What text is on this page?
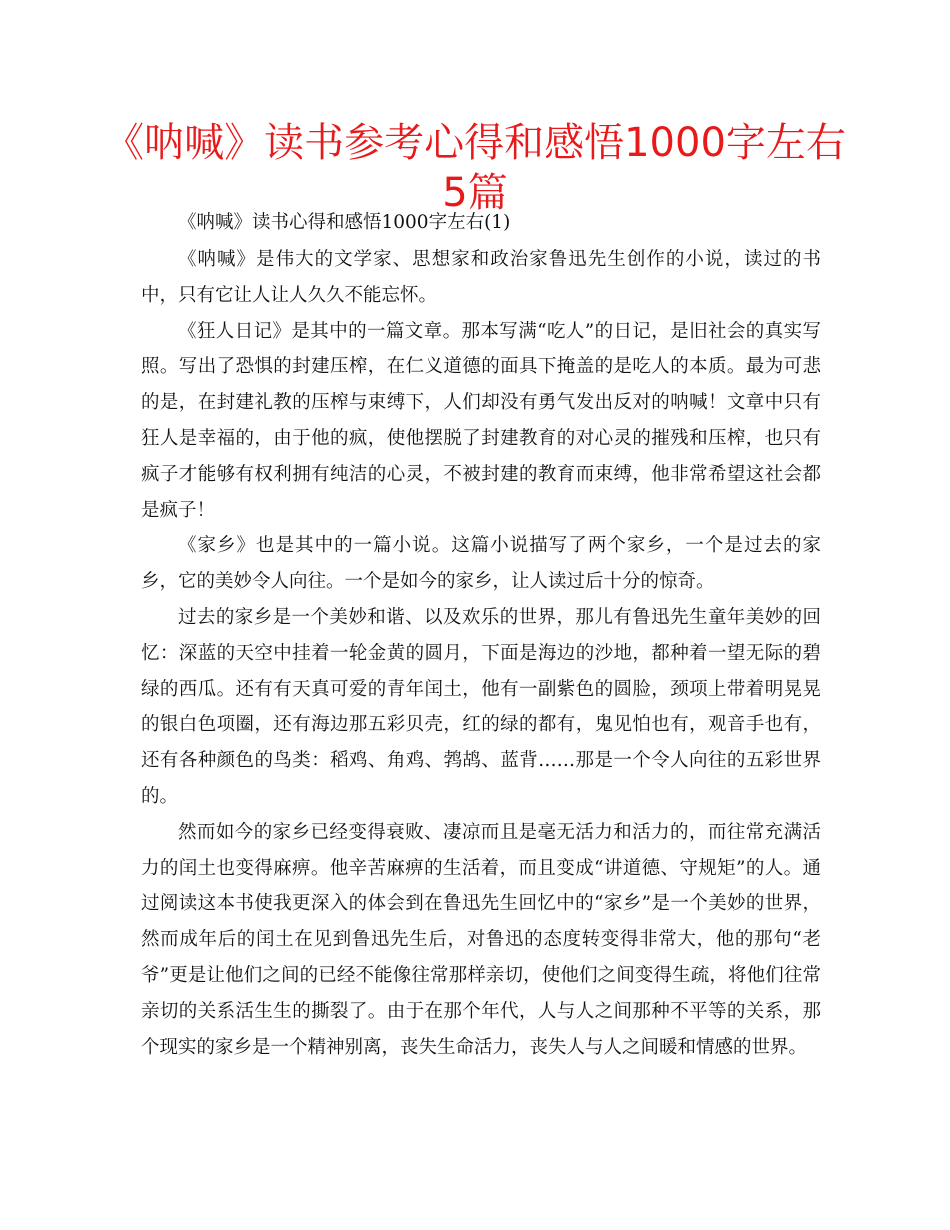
《呐喊》读书参考心得和感悟1000字左右5篇

《呐喊》读书心得和感悟1000字左右(1)

《呐喊》是伟大的文学家、思想家和政治家鲁迅先生创作的小说，读过的书中，只有它让人让人久久不能忘怀。

《狂人日记》是其中的一篇文章。那本写满“吃人”的日记，是旧社会的真实写照。写出了恐惧的封建压榨，在仁义道德的面具下掩盖的是吃人的本质。最为可悲的是，在封建礼教的压榨与束缚下，人们却没有勇气发出反对的呐喊！文章中只有狂人是幸福的，由于他的疯，使他摆脱了封建教育的对心灵的摧残和压榨，也只有疯子才能够有权利拥有纯洁的心灵，不被封建的教育而束缚，他非常希望这社会都是疯子！

《家乡》也是其中的一篇小说。这篇小说描写了两个家乡，一个是过去的家乡，它的美妙令人向往。一个是如今的家乡，让人读过后十分的惊奇。

过去的家乡是一个美妙和谐、以及欢乐的世界，那儿有鲁迅先生童年美妙的回忆：深蓝的天空中挂着一轮金黄的圆月，下面是海边的沙地，都种着一望无际的碧绿的西瓜。还有有天真可爱的青年闰土，他有一副紫色的圆脸，颈项上带着明晃晃的银白色项圈，还有海边那五彩贝壳，红的绿的都有，鬼见怕也有，观音手也有，还有各种颜色的鸟类：稻鸡、角鸡、鹁鸪、蓝背……那是一个令人向往的五彩世界的。

然而如今的家乡已经变得衰败、凄凉而且是毫无活力和活力的，而往常充满活力的闰土也变得麻痹。他辛苦麻痹的生活着，而且变成“讲道德、守规矩”的人。通过阅读这本书使我更深入的体会到在鲁迅先生回忆中的“家乡”是一个美妙的世界，然而成年后的闰土在见到鲁迅先生后，对鲁迅的态度转变得非常大，他的那句“老爷”更是让他们之间的已经不能像往常那样亲切，使他们之间变得生疏，将他们往常亲切的关系活生生的撕裂了。由于在那个年代，人与人之间那种不平等的关系，那个现实的家乡是一个精神别离，丧失生命活力，丧失人与人之间暖和情感的世界。
